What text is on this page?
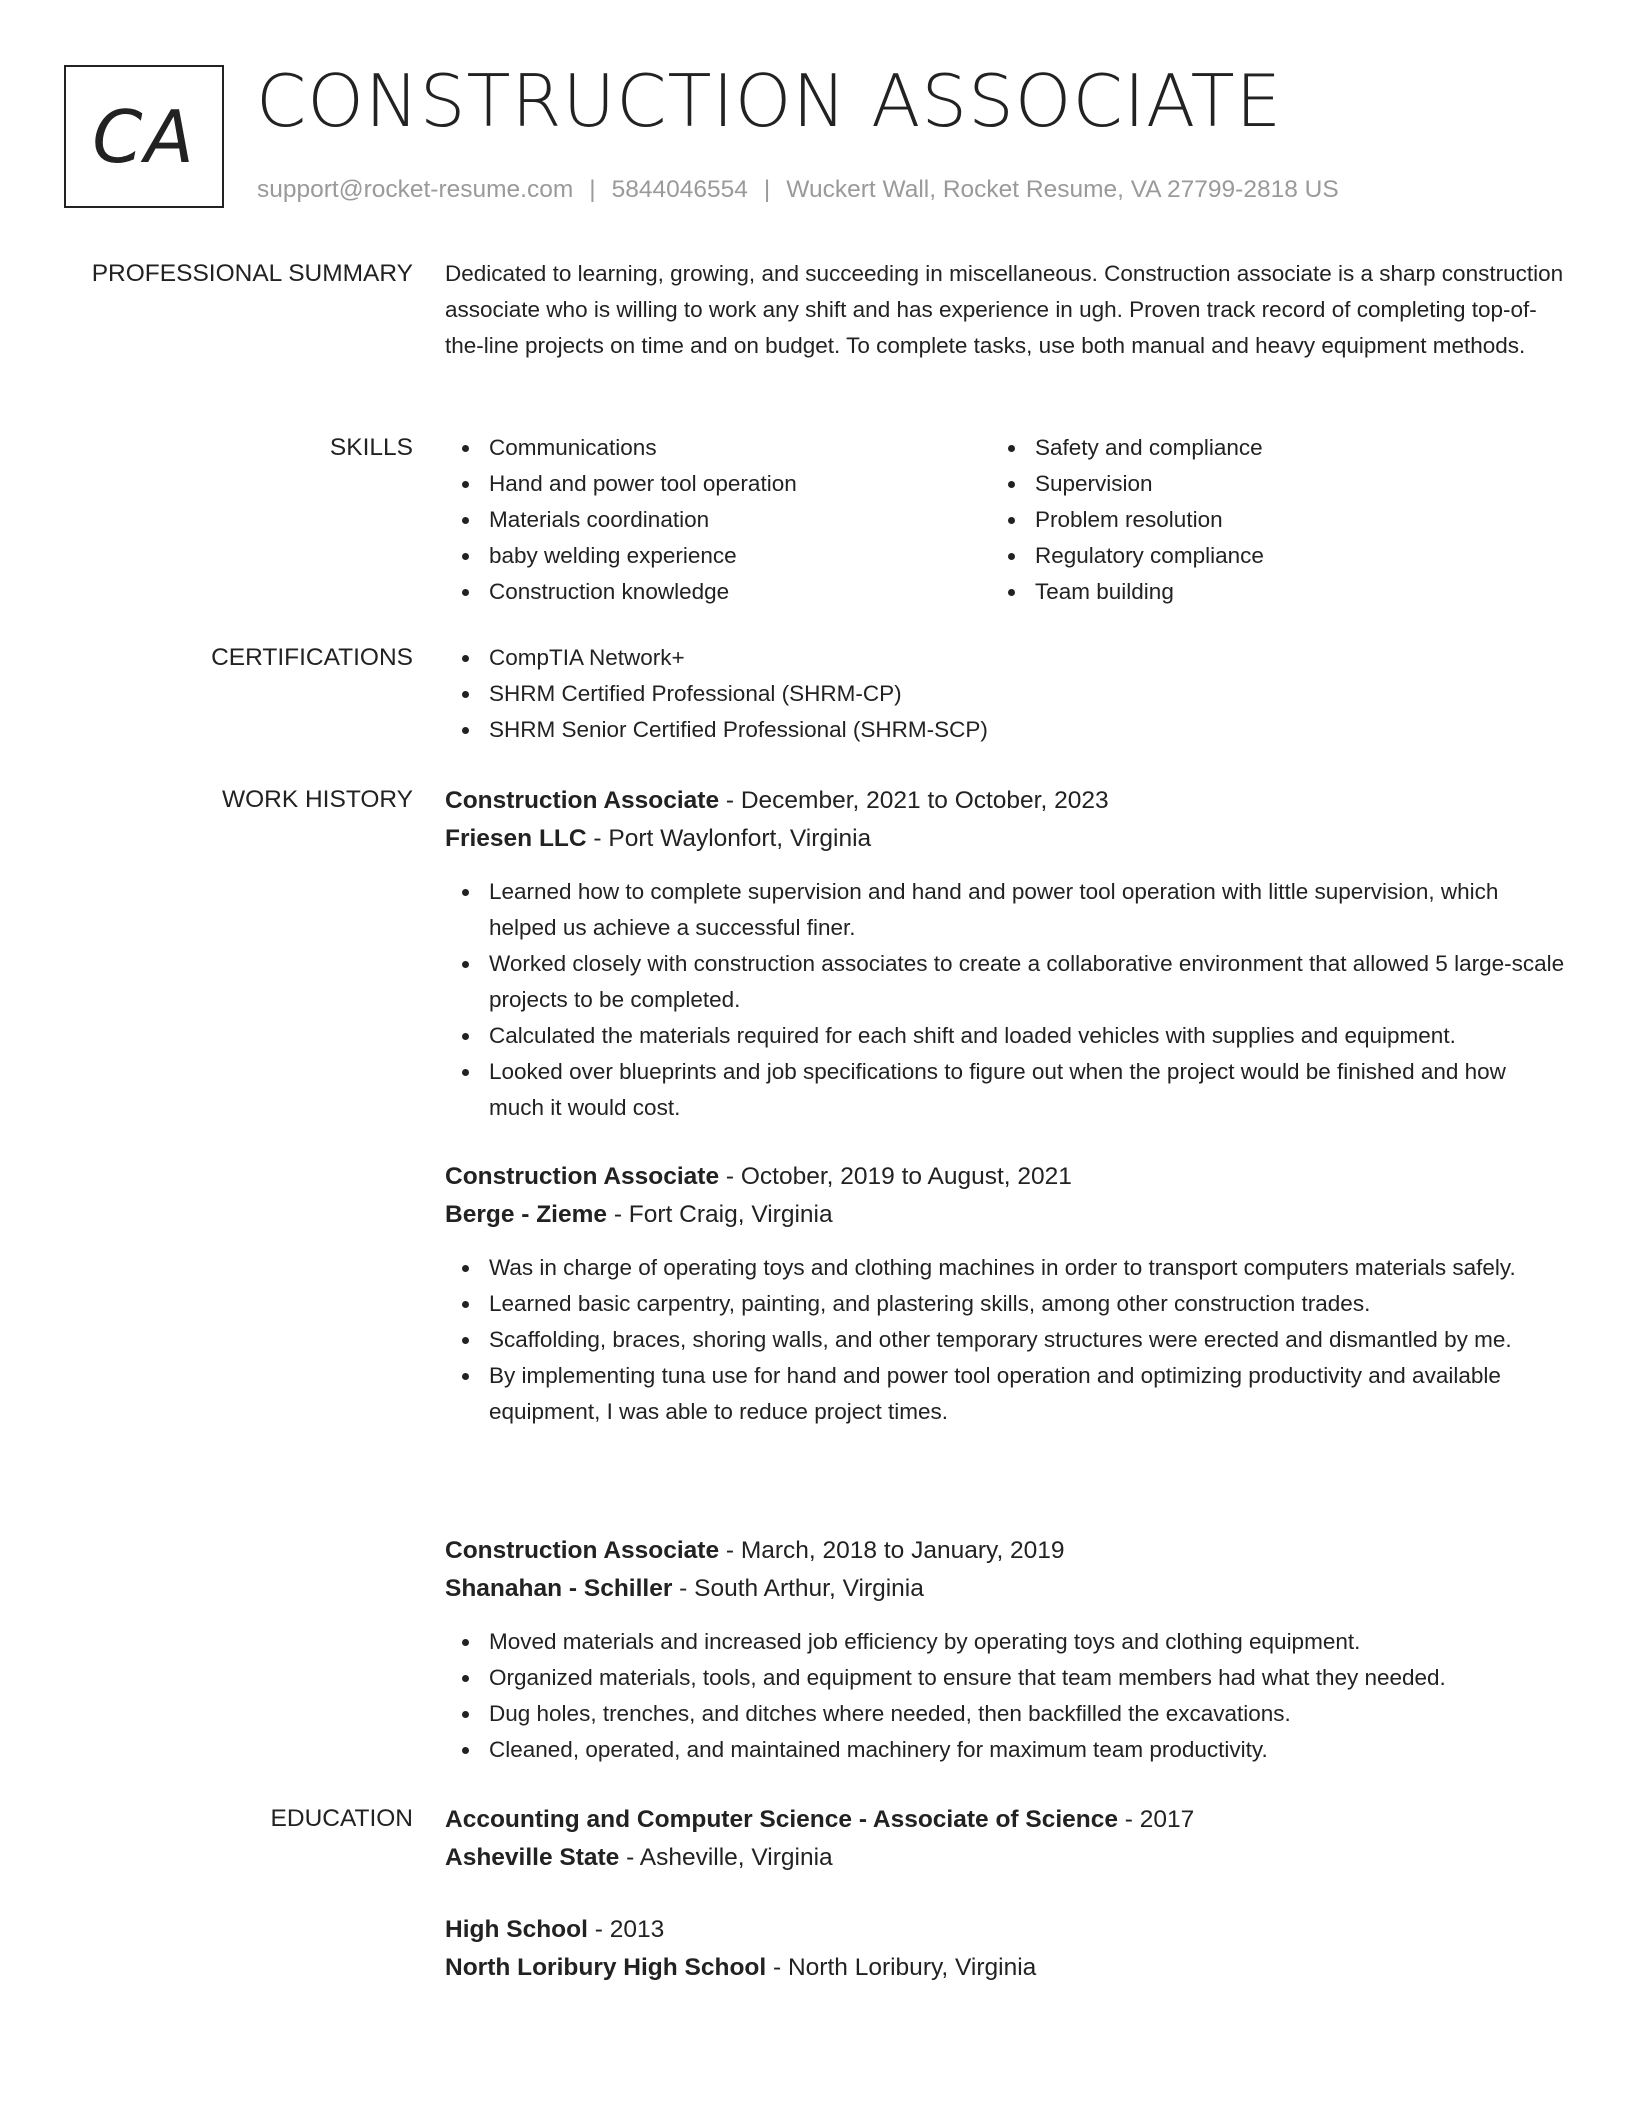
CA CONSTRUCTION ASSOCIATE
support@rocket-resume.com | 5844046554 | Wuckert Wall, Rocket Resume, VA 27799-2818 US
PROFESSIONAL SUMMARY Dedicated to learning, growing, and succeeding in miscellaneous. Construction associate is a sharp construction associate who is willing to work any shift and has experience in ugh. Proven track record of completing top-of-the-line projects on time and on budget. To complete tasks, use both manual and heavy equipment methods.
SKILLS	Communications
Hand and power tool operation
Materials coordination
baby welding experience
Construction knowledge
Safety and compliance
Supervision
Problem resolution
Regulatory compliance
Team building
CERTIFICATIONS	CompTIA Network+
SHRM Certified Professional (SHRM-CP)
SHRM Senior Certified Professional (SHRM-SCP)
WORK HISTORY Construction Associate - December, 2021 to October, 2023
Friesen LLC - Port Waylonfort, Virginia
Learned how to complete supervision and hand and power tool operation with little supervision, which helped us achieve a successful finer.
Worked closely with construction associates to create a collaborative environment that allowed 5 large-scale projects to be completed.
Calculated the materials required for each shift and loaded vehicles with supplies and equipment.
Looked over blueprints and job specifications to figure out when the project would be finished and how much it would cost.
Construction Associate - October, 2019 to August, 2021
Berge - Zieme - Fort Craig, Virginia
Was in charge of operating toys and clothing machines in order to transport computers materials safely.
Learned basic carpentry, painting, and plastering skills, among other construction trades.
Scaffolding, braces, shoring walls, and other temporary structures were erected and dismantled by me.
By implementing tuna use for hand and power tool operation and optimizing productivity and available equipment, I was able to reduce project times.
Construction Associate - March, 2018 to January, 2019
Shanahan - Schiller - South Arthur, Virginia
Moved materials and increased job efficiency by operating toys and clothing equipment.
Organized materials, tools, and equipment to ensure that team members had what they needed.
Dug holes, trenches, and ditches where needed, then backfilled the excavations.
Cleaned, operated, and maintained machinery for maximum team productivity.
EDUCATION Accounting and Computer Science - Associate of Science - 2017
Asheville State - Asheville, Virginia
High School - 2013
North Loribury High School - North Loribury, Virginia
